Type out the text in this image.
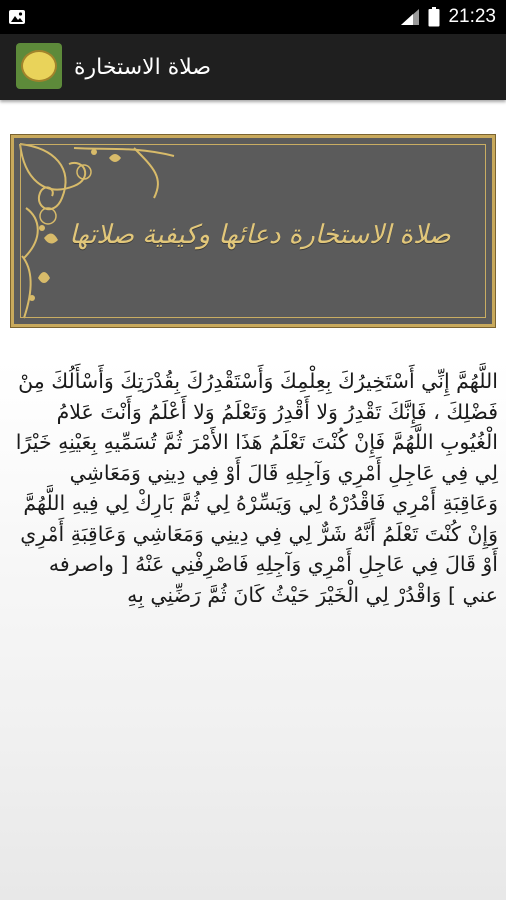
21:23
صلاة الاستخارة
صلاة الاستخارة دعائها وكيفية صلاتها
اللَّهُمَّ إِنِّي أَسْتَخِيرُكَ بِعِلْمِكَ وَأَسْتَقْدِرُكَ بِقُدْرَتِكَ وَأَسْأَلُكَ مِنْ فَضْلِكَ ، فَإِنَّكَ تَقْدِرُ وَلا أَقْدِرُ وَتَعْلَمُ وَلا أَعْلَمُ وَأَنْتَ عَلامُ الْغُيُوبِ اللَّهُمَّ فَإِنْ كُنْتَ تَعْلَمُ هَذَا الأَمْرَ ثُمَّ تُسَمِّيهِ بِعَيْنِهِ خَيْرًا لِي فِي عَاجِلِ أَمْرِي وَآجِلِهِ قَالَ أَوْ فِي دِينِي وَمَعَاشِي وَعَاقِبَةِ أَمْرِي فَاقْدُرْهُ لِي وَيَسِّرْهُ لِي ثُمَّ بَارِكْ لِي فِيهِ اللَّهُمَّ وَإِنْ كُنْتَ تَعْلَمُ أَنَّهُ شَرٌّ لِي فِي دِينِي وَمَعَاشِي وَعَاقِبَةِ أَمْرِي أَوْ قَالَ فِي عَاجِلِ أَمْرِي وَآجِلِهِ فَاصْرِفْنِي عَنْهُ [ واصرفه عني ] وَاقْدُرْ لِي الْخَيْرَ حَيْثُ كَانَ ثُمَّ رَضِّنِي بِهِ
